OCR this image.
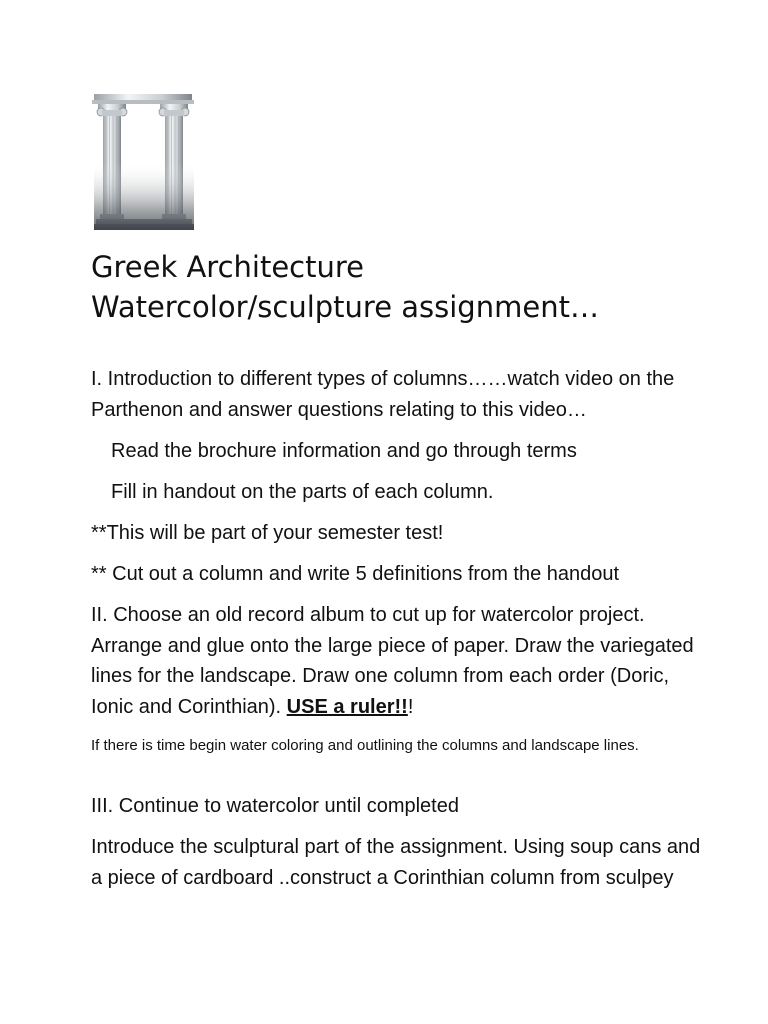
Greek Architecture
Watercolor/sculpture assignment…

I. Introduction to different types of columns……watch video on the Parthenon and answer questions relating to this video…

Read the brochure information and go through terms

Fill in handout on the parts of each column.

**This will be part of your semester test!

** Cut out a column and write 5 definitions from the handout

II. Choose an old record album to cut up for watercolor project. Arrange and glue onto the large piece of paper. Draw the variegated lines for the landscape. Draw one column from each order (Doric, Ionic and Corinthian). USE a ruler!!!

If there is time begin water coloring and outlining the columns and landscape lines.

III. Continue to watercolor until completed

Introduce the sculptural part of the assignment. Using soup cans and a piece of cardboard ..construct a Corinthian column from sculpey
